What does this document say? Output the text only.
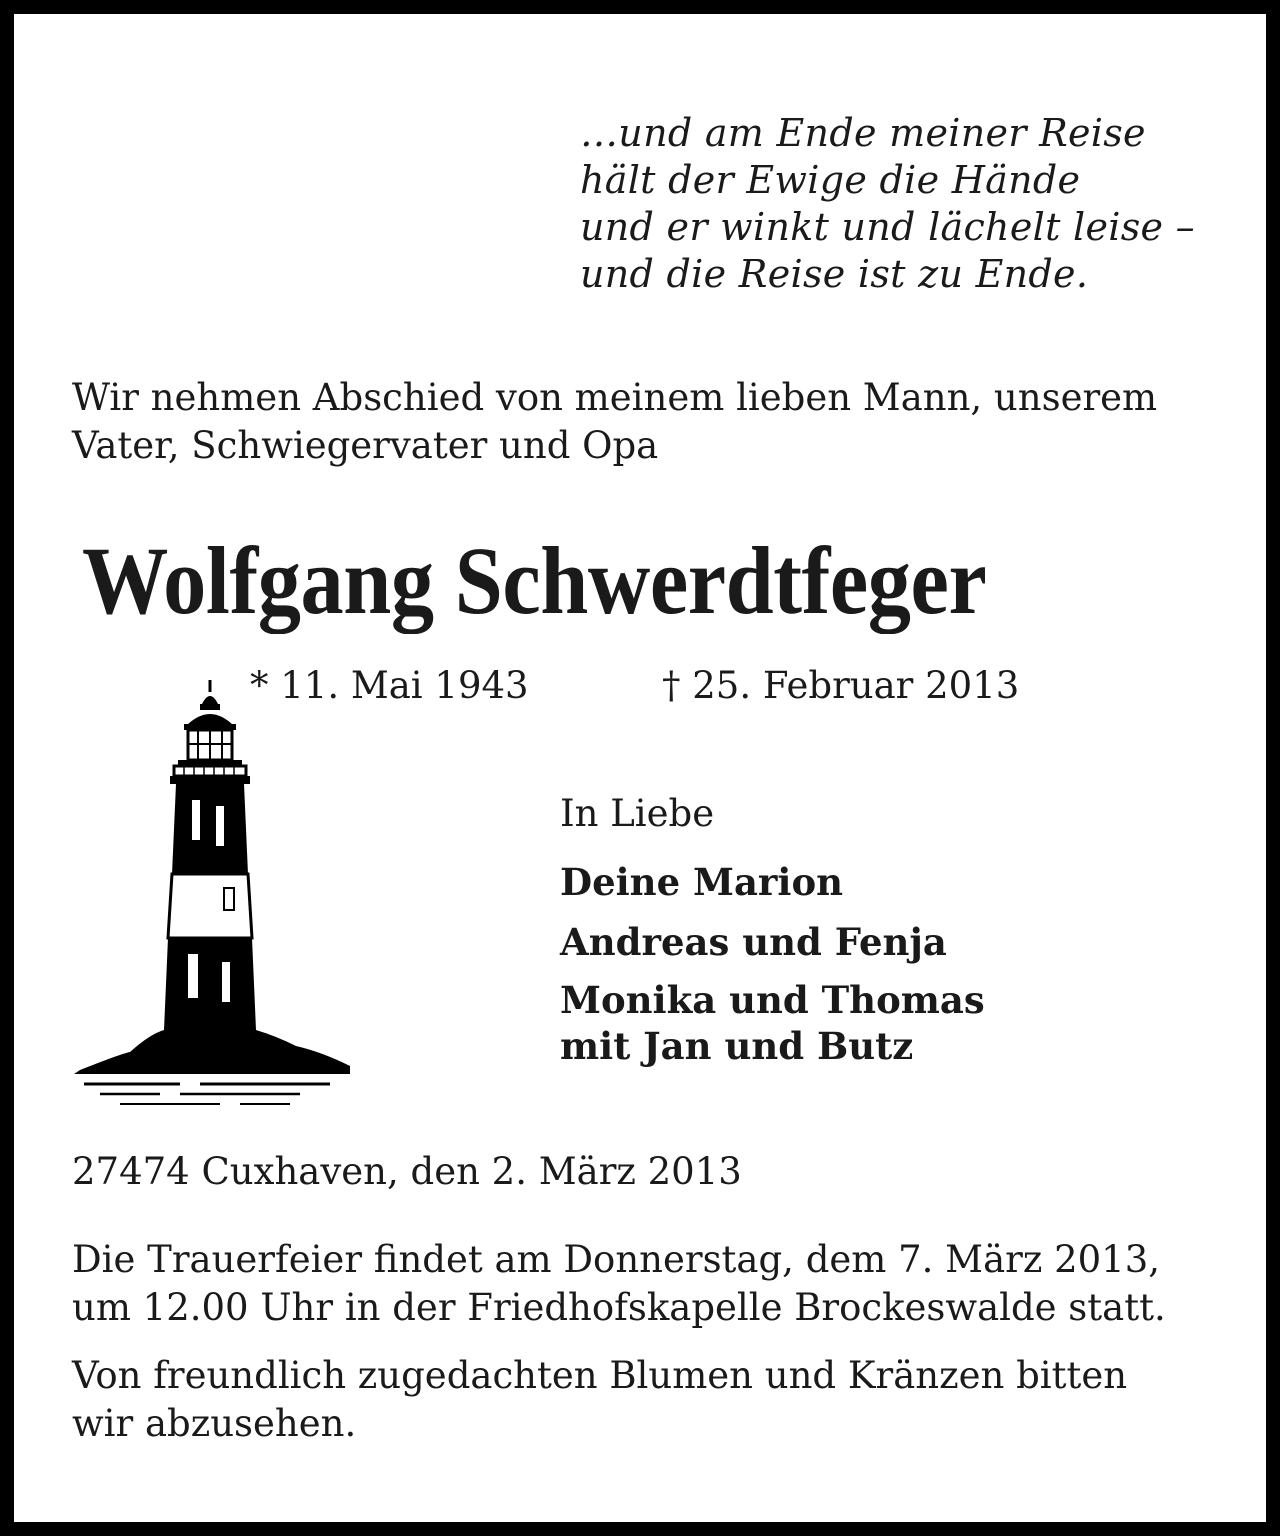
…und am Ende meiner Reise
hält der Ewige die Hände
und er winkt und lächelt leise –
und die Reise ist zu Ende.
Wir nehmen Abschied von meinem lieben Mann, unserem
Vater, Schwiegervater und Opa
Wolfgang Schwerdtfeger
* 11. Mai 1943	† 25. Februar 2013
In Liebe
Deine Marion
Andreas und Fenja
Monika und Thomas
mit Jan und Butz
27474 Cuxhaven, den 2. März 2013
Die Trauerfeier findet am Donnerstag, dem 7. März 2013,
um 12.00 Uhr in der Friedhofskapelle Brockeswalde statt.
Von freundlich zugedachten Blumen und Kränzen bitten
wir abzusehen.
